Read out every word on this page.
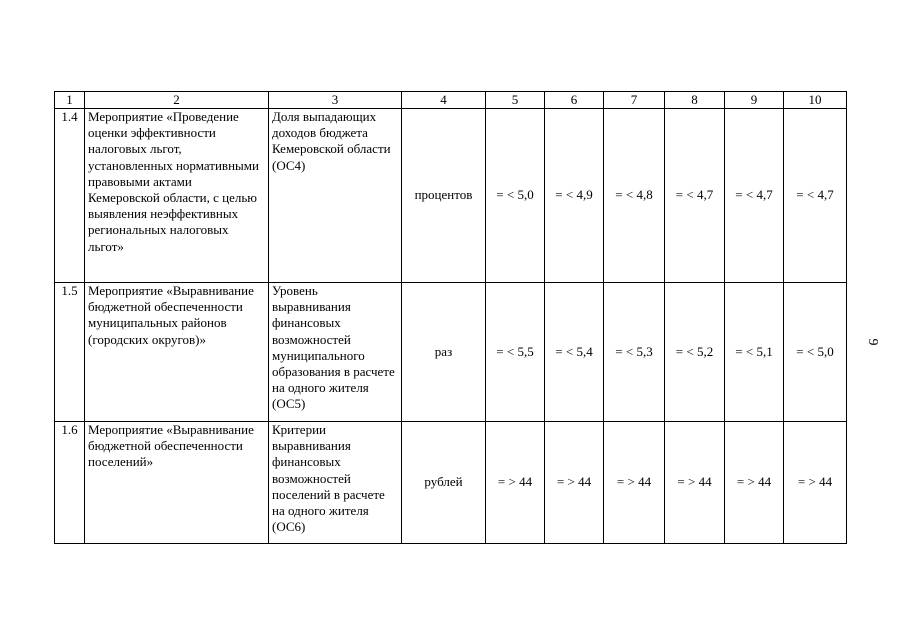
1	2	3	4	5	6	7	8	9	10
1.4	Мероприятие «Проведение оценки эффективности налоговых льгот, установленных нормативными правовыми актами Кемеровской области, с целью выявления неэффективных региональных налоговых льгот»	Доля выпадающих доходов бюджета Кемеровской области (ОС4)	процентов	= < 5,0	= < 4,9	= < 4,8	= < 4,7	= < 4,7	= < 4,7
1.5	Мероприятие «Выравнивание бюджетной обеспеченности муниципальных районов (городских округов)»	Уровень выравнивания финансовых возможностей муниципального образования в расчете на одного жителя (ОС5)	раз	= < 5,5	= < 5,4	= < 5,3	= < 5,2	= < 5,1	= < 5,0
1.6	Мероприятие «Выравнивание бюджетной обеспеченности поселений»	Критерии выравнивания финансовых возможностей поселений в расчете на одного жителя (ОС6)	рублей	= > 44	= > 44	= > 44	= > 44	= > 44	= > 44
9
